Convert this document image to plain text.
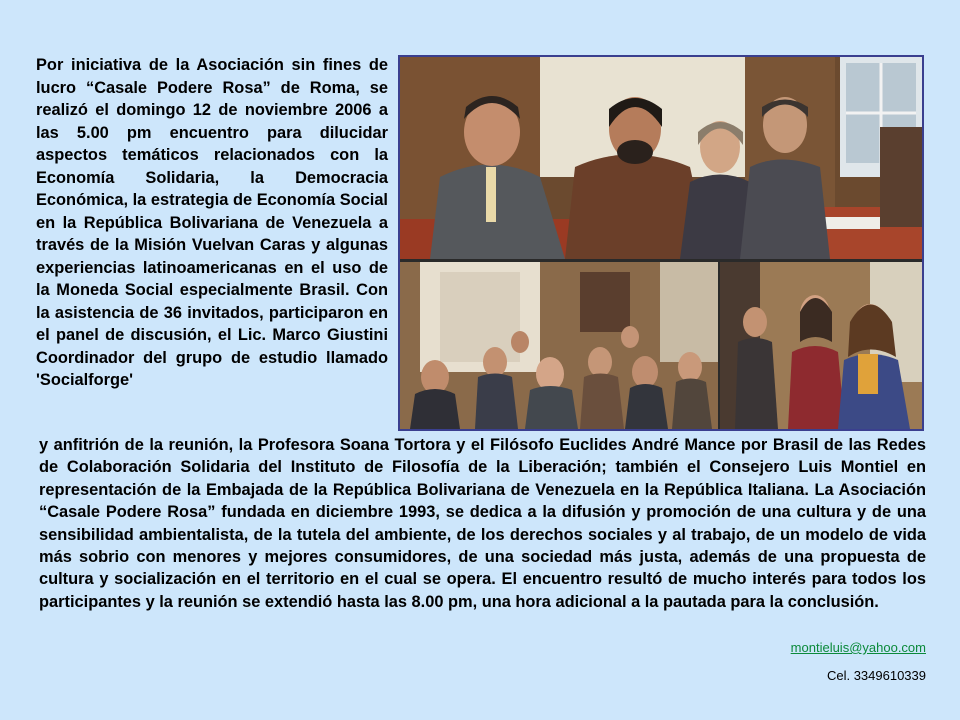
Por iniciativa de la Asociación sin fines de lucro “Casale Podere Rosa” de Roma, se realizó el domingo 12 de noviembre 2006 a las 5.00 pm encuentro para dilucidar aspectos temáticos relacionados con la Economía Solidaria, la Democracia Económica, la estrategia de Economía Social en la República Bolivariana de Venezuela a través de la Misión Vuelvan Caras y algunas experiencias latinoamericanas en el uso de la Moneda Social especialmente Brasil. Con la asistencia de 36 invitados, participaron en el panel de discusión, el Lic. Marco Giustini Coordinador del grupo de estudio llamado 'Socialforge'

y anfitrión de la reunión, la Profesora Soana Tortora y el Filósofo Euclides André Mance por Brasil de las Redes de Colaboración Solidaria del Instituto de Filosofía de la Liberación; también el Consejero Luis Montiel en representación de la Embajada de la República Bolivariana de Venezuela en la República Italiana. La Asociación “Casale Podere Rosa” fundada en diciembre 1993, se dedica a la difusión y promoción de una cultura y de una sensibilidad ambientalista, de la tutela del ambiente, de los derechos sociales y al trabajo, de un modelo de vida más sobrio con menores y mejores consumidores, de una sociedad más justa, además de una propuesta de cultura y socialización en el territorio en el cual se opera. El encuentro resultó de mucho interés para todos los participantes y la reunión se extendió hasta las 8.00 pm, una hora adicional a la pautada para la conclusión.

montieluis@yahoo.com
Cel. 3349610339
